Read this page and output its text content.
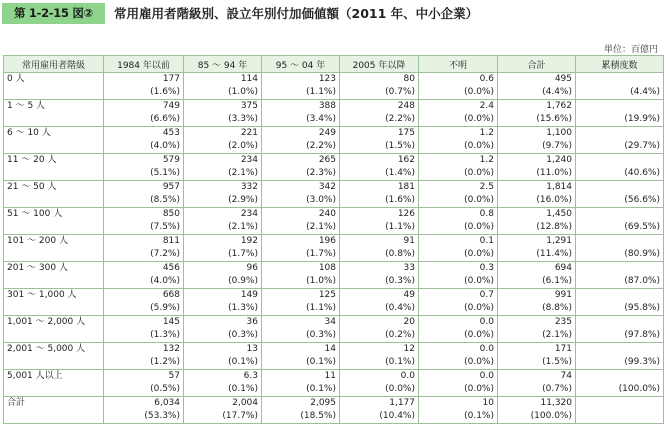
第 1-2-15 図②	常用雇用者階級別、設立年別付加価値額（2011 年、中小企業）
単位：百億円
常用雇用者階級	1984 年以前	85 ～ 94 年	95 ～ 04 年	2005 年以降	不明	合計	累積度数
0 人	177	114	123	80	0.6	495	(4.4%)
	(1.6%)	(1.0%)	(1.1%)	(0.7%)	(0.0%)	(4.4%)	
1 ～ 5 人	749	375	388	248	2.4	1,762	(19.9%)
	(6.6%)	(3.3%)	(3.4%)	(2.2%)	(0.0%)	(15.6%)	
6 ～ 10 人	453	221	249	175	1.2	1,100	(29.7%)
	(4.0%)	(2.0%)	(2.2%)	(1.5%)	(0.0%)	(9.7%)	
11 ～ 20 人	579	234	265	162	1.2	1,240	(40.6%)
	(5.1%)	(2.1%)	(2.3%)	(1.4%)	(0.0%)	(11.0%)	
21 ～ 50 人	957	332	342	181	2.5	1,814	(56.6%)
	(8.5%)	(2.9%)	(3.0%)	(1.6%)	(0.0%)	(16.0%)	
51 ～ 100 人	850	234	240	126	0.8	1,450	(69.5%)
	(7.5%)	(2.1%)	(2.1%)	(1.1%)	(0.0%)	(12.8%)	
101 ～ 200 人	811	192	196	91	0.1	1,291	(80.9%)
	(7.2%)	(1.7%)	(1.7%)	(0.8%)	(0.0%)	(11.4%)	
201 ～ 300 人	456	96	108	33	0.3	694	(87.0%)
	(4.0%)	(0.9%)	(1.0%)	(0.3%)	(0.0%)	(6.1%)	
301 ～ 1,000 人	668	149	125	49	0.7	991	(95.8%)
	(5.9%)	(1.3%)	(1.1%)	(0.4%)	(0.0%)	(8.8%)	
1,001 ～ 2,000 人	145	36	34	20	0.0	235	(97.8%)
	(1.3%)	(0.3%)	(0.3%)	(0.2%)	(0.0%)	(2.1%)	
2,001 ～ 5,000 人	132	13	14	12	0.0	171	(99.3%)
	(1.2%)	(0.1%)	(0.1%)	(0.1%)	(0.0%)	(1.5%)	
5,001 人以上	57	6.3	11	0.0	0.0	74	(100.0%)
	(0.5%)	(0.1%)	(0.1%)	(0.0%)	(0.0%)	(0.7%)	
合計	6,034	2,004	2,095	1,177	10	11,320	
	(53.3%)	(17.7%)	(18.5%)	(10.4%)	(0.1%)	(100.0%)	
